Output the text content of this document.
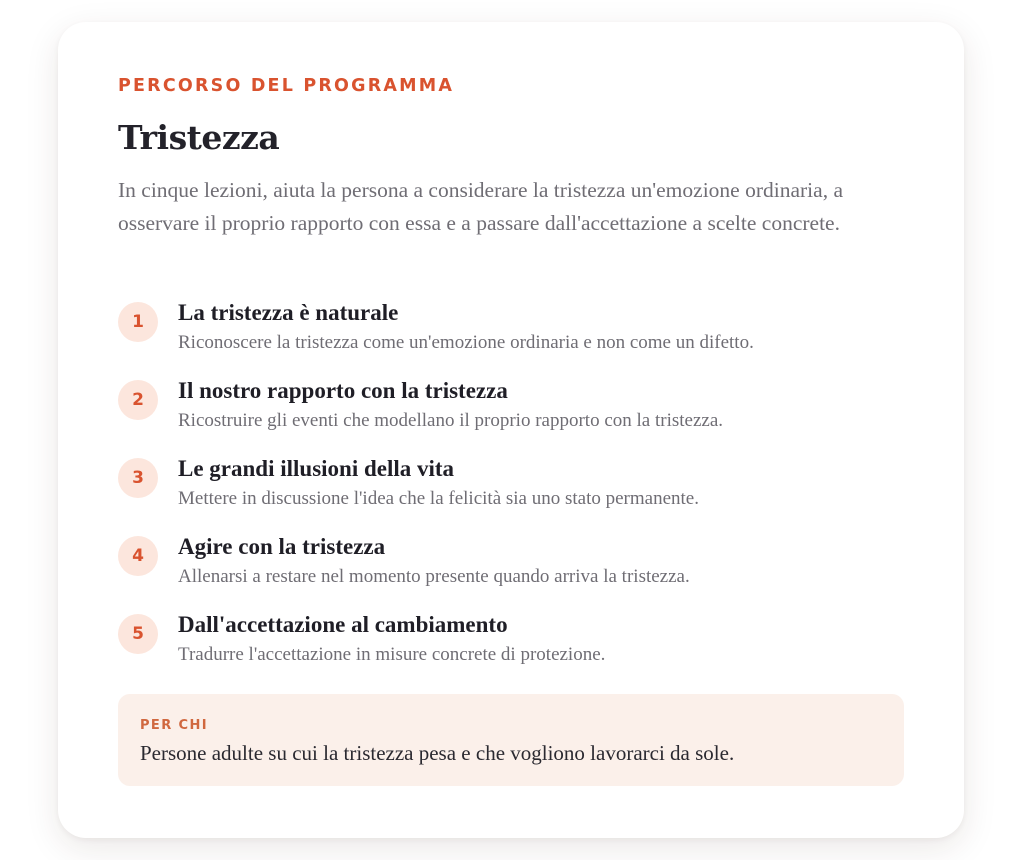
PERCORSO DEL PROGRAMMA

Tristezza

In cinque lezioni, aiuta la persona a considerare la tristezza un'emozione ordinaria, a osservare il proprio rapporto con essa e a passare dall'accettazione a scelte concrete.

1	La tristezza è naturale

Riconoscere la tristezza come un'emozione ordinaria e non come un difetto.

2	Il nostro rapporto con la tristezza

Ricostruire gli eventi che modellano il proprio rapporto con la tristezza.

3	Le grandi illusioni della vita

Mettere in discussione l'idea che la felicità sia uno stato permanente.

4	Agire con la tristezza

Allenarsi a restare nel momento presente quando arriva la tristezza.

5	Dall'accettazione al cambiamento

Tradurre l'accettazione in misure concrete di protezione.

PER CHI

Persone adulte su cui la tristezza pesa e che vogliono lavorarci da sole.
